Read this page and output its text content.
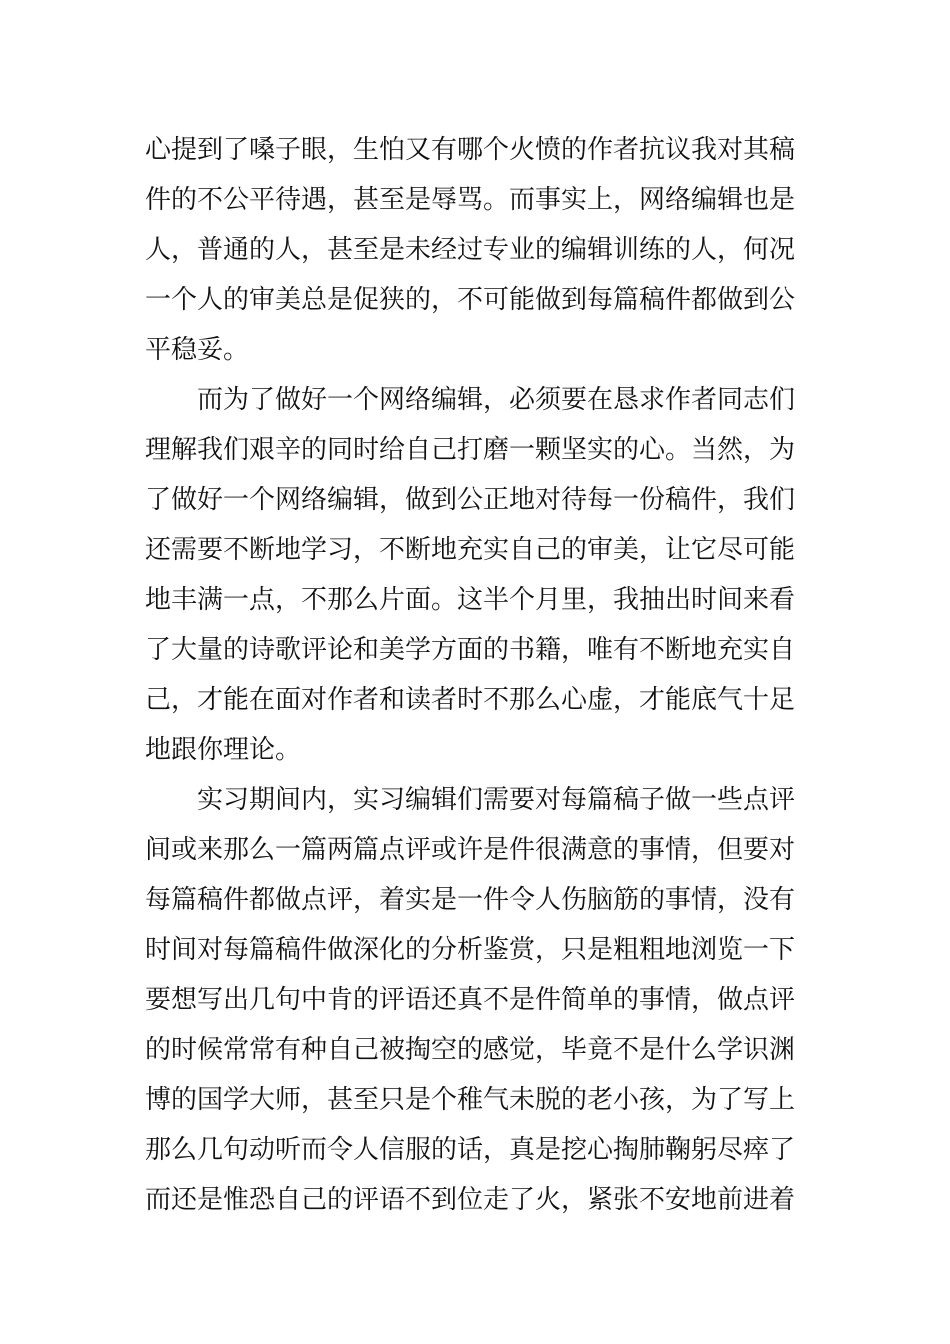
心提到了嗓子眼，生怕又有哪个火愤的作者抗议我对其稿
件的不公平待遇，甚至是辱骂。而事实上，网络编辑也是
人，普通的人，甚至是未经过专业的编辑训练的人，何况
一个人的审美总是促狭的，不可能做到每篇稿件都做到公
平稳妥。
而为了做好一个网络编辑，必须要在恳求作者同志们
理解我们艰辛的同时给自己打磨一颗坚实的心。当然，为
了做好一个网络编辑，做到公正地对待每一份稿件，我们
还需要不断地学习，不断地充实自己的审美，让它尽可能
地丰满一点，不那么片面。这半个月里，我抽出时间来看
了大量的诗歌评论和美学方面的书籍，唯有不断地充实自
己，才能在面对作者和读者时不那么心虚，才能底气十足
地跟你理论。
实习期间内，实习编辑们需要对每篇稿子做一些点评
间或来那么一篇两篇点评或许是件很满意的事情，但要对
每篇稿件都做点评，着实是一件令人伤脑筋的事情，没有
时间对每篇稿件做深化的分析鉴赏，只是粗粗地浏览一下
要想写出几句中肯的评语还真不是件简单的事情，做点评
的时候常常有种自己被掏空的感觉，毕竟不是什么学识渊
博的国学大师，甚至只是个稚气未脱的老小孩，为了写上
那么几句动听而令人信服的话，真是挖心掏肺鞠躬尽瘁了
而还是惟恐自己的评语不到位走了火，紧张不安地前进着
